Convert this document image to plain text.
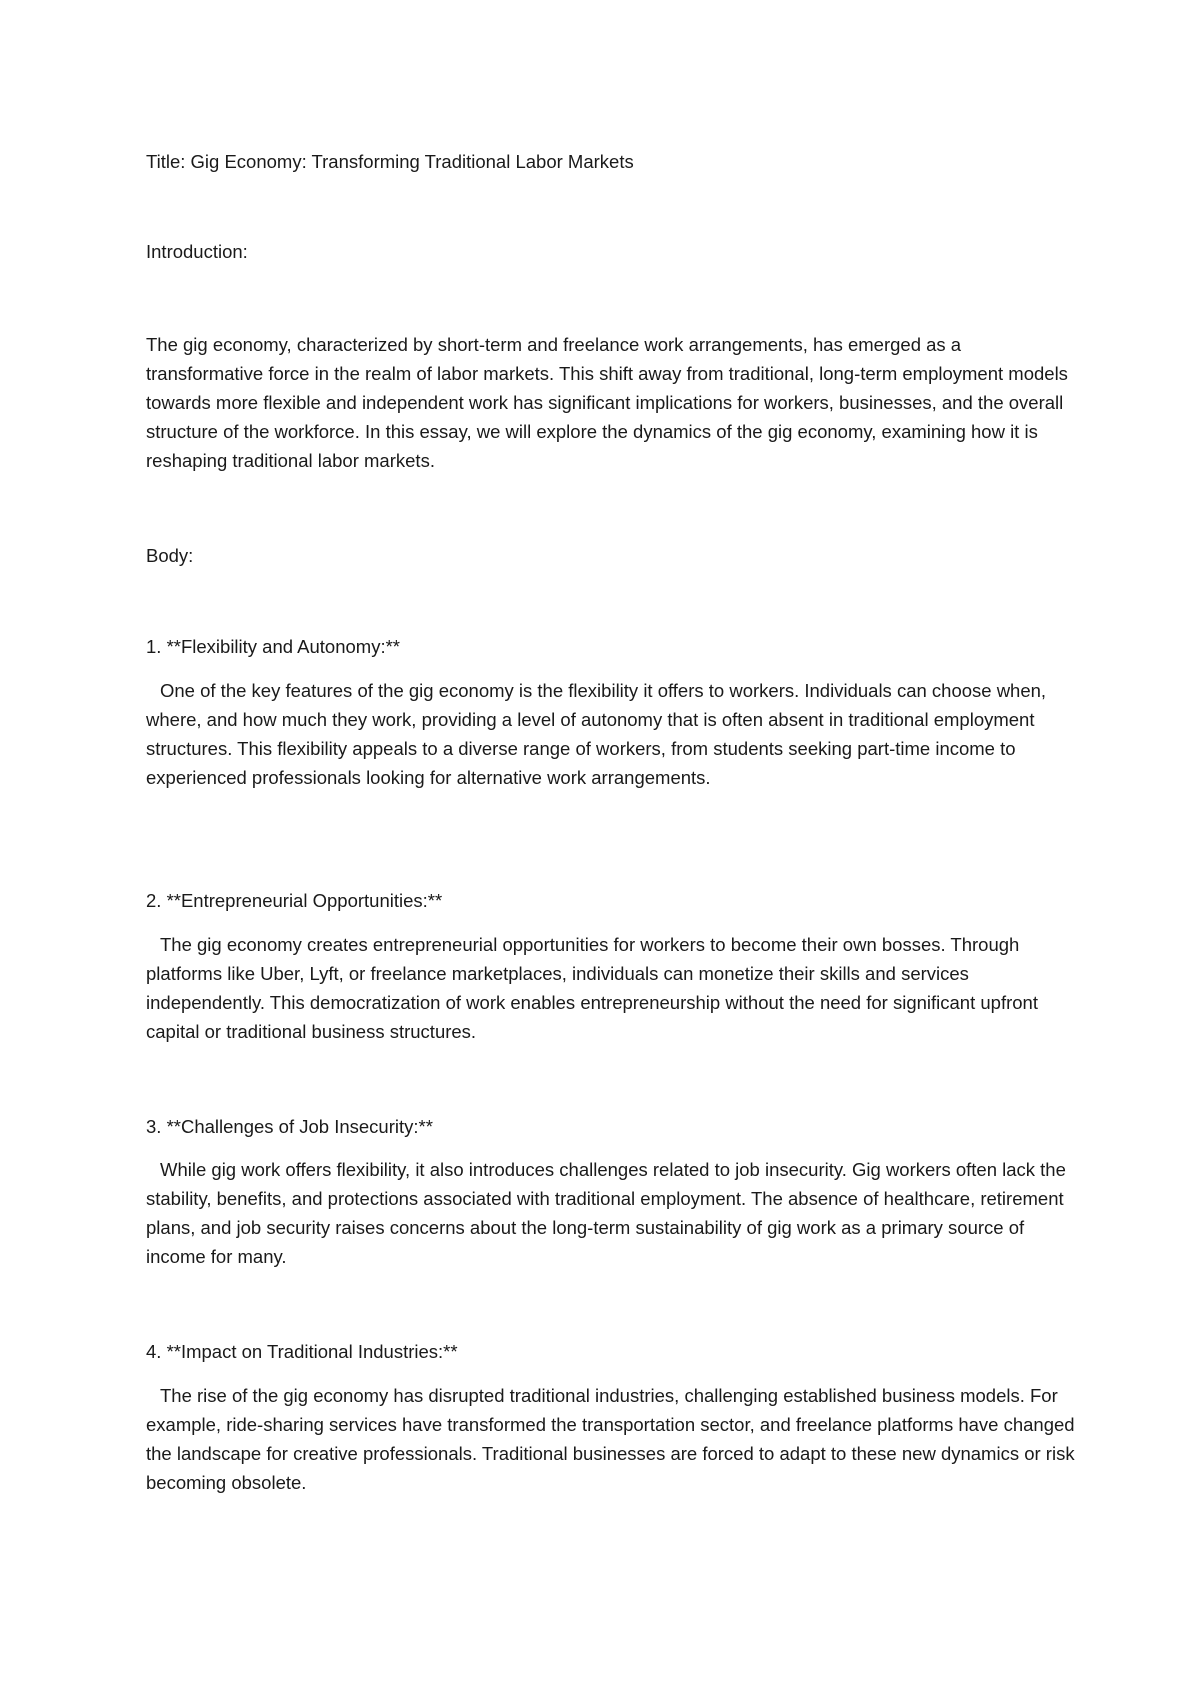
Title: Gig Economy: Transforming Traditional Labor Markets

Introduction:

The gig economy, characterized by short-term and freelance work arrangements, has emerged as a transformative force in the realm of labor markets. This shift away from traditional, long-term employment models towards more flexible and independent work has significant implications for workers, businesses, and the overall structure of the workforce. In this essay, we will explore the dynamics of the gig economy, examining how it is reshaping traditional labor markets.

Body:

1. **Flexibility and Autonomy:**

One of the key features of the gig economy is the flexibility it offers to workers. Individuals can choose when, where, and how much they work, providing a level of autonomy that is often absent in traditional employment structures. This flexibility appeals to a diverse range of workers, from students seeking part-time income to experienced professionals looking for alternative work arrangements.

2. **Entrepreneurial Opportunities:**

The gig economy creates entrepreneurial opportunities for workers to become their own bosses. Through platforms like Uber, Lyft, or freelance marketplaces, individuals can monetize their skills and services independently. This democratization of work enables entrepreneurship without the need for significant upfront capital or traditional business structures.

3. **Challenges of Job Insecurity:**

While gig work offers flexibility, it also introduces challenges related to job insecurity. Gig workers often lack the stability, benefits, and protections associated with traditional employment. The absence of healthcare, retirement plans, and job security raises concerns about the long-term sustainability of gig work as a primary source of income for many.

4. **Impact on Traditional Industries:**

The rise of the gig economy has disrupted traditional industries, challenging established business models. For example, ride-sharing services have transformed the transportation sector, and freelance platforms have changed the landscape for creative professionals. Traditional businesses are forced to adapt to these new dynamics or risk becoming obsolete.
